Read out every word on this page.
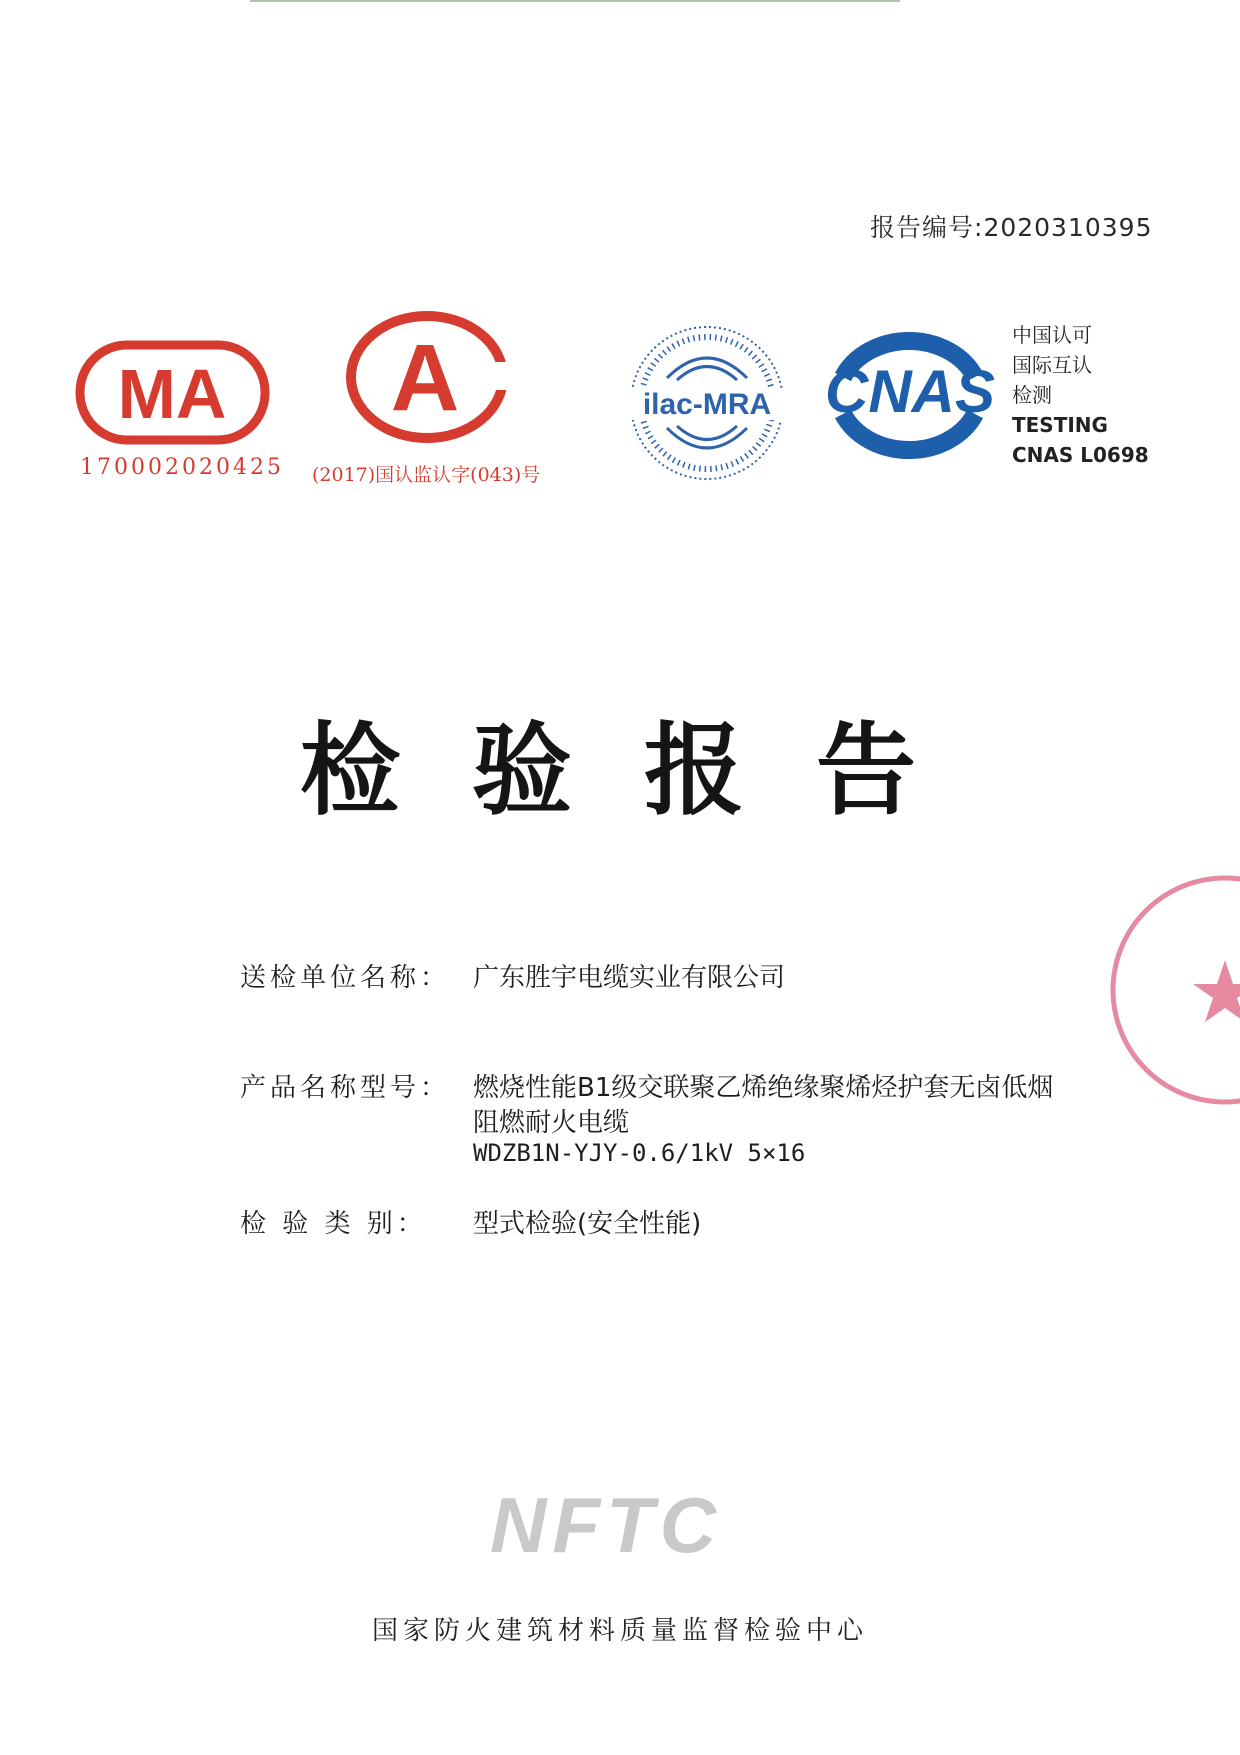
报告编号:2020310395
MA
170002020425
A
(2017)国认监认字(043)号
ilac-MRA CNAS
中国认可
国际互认
检测
TESTING
CNAS L0698
检验报告
送检单位名称： 广东胜宇电缆实业有限公司
产品名称型号： 燃烧性能B1级交联聚乙烯绝缘聚烯烃护套无卤低烟
阻燃耐火电缆
WDZB1N-YJY-0.6/1kV 5×16
检 验 类 别： 型式检验(安全性能)
NFTC
国家防火建筑材料质量监督检验中心
